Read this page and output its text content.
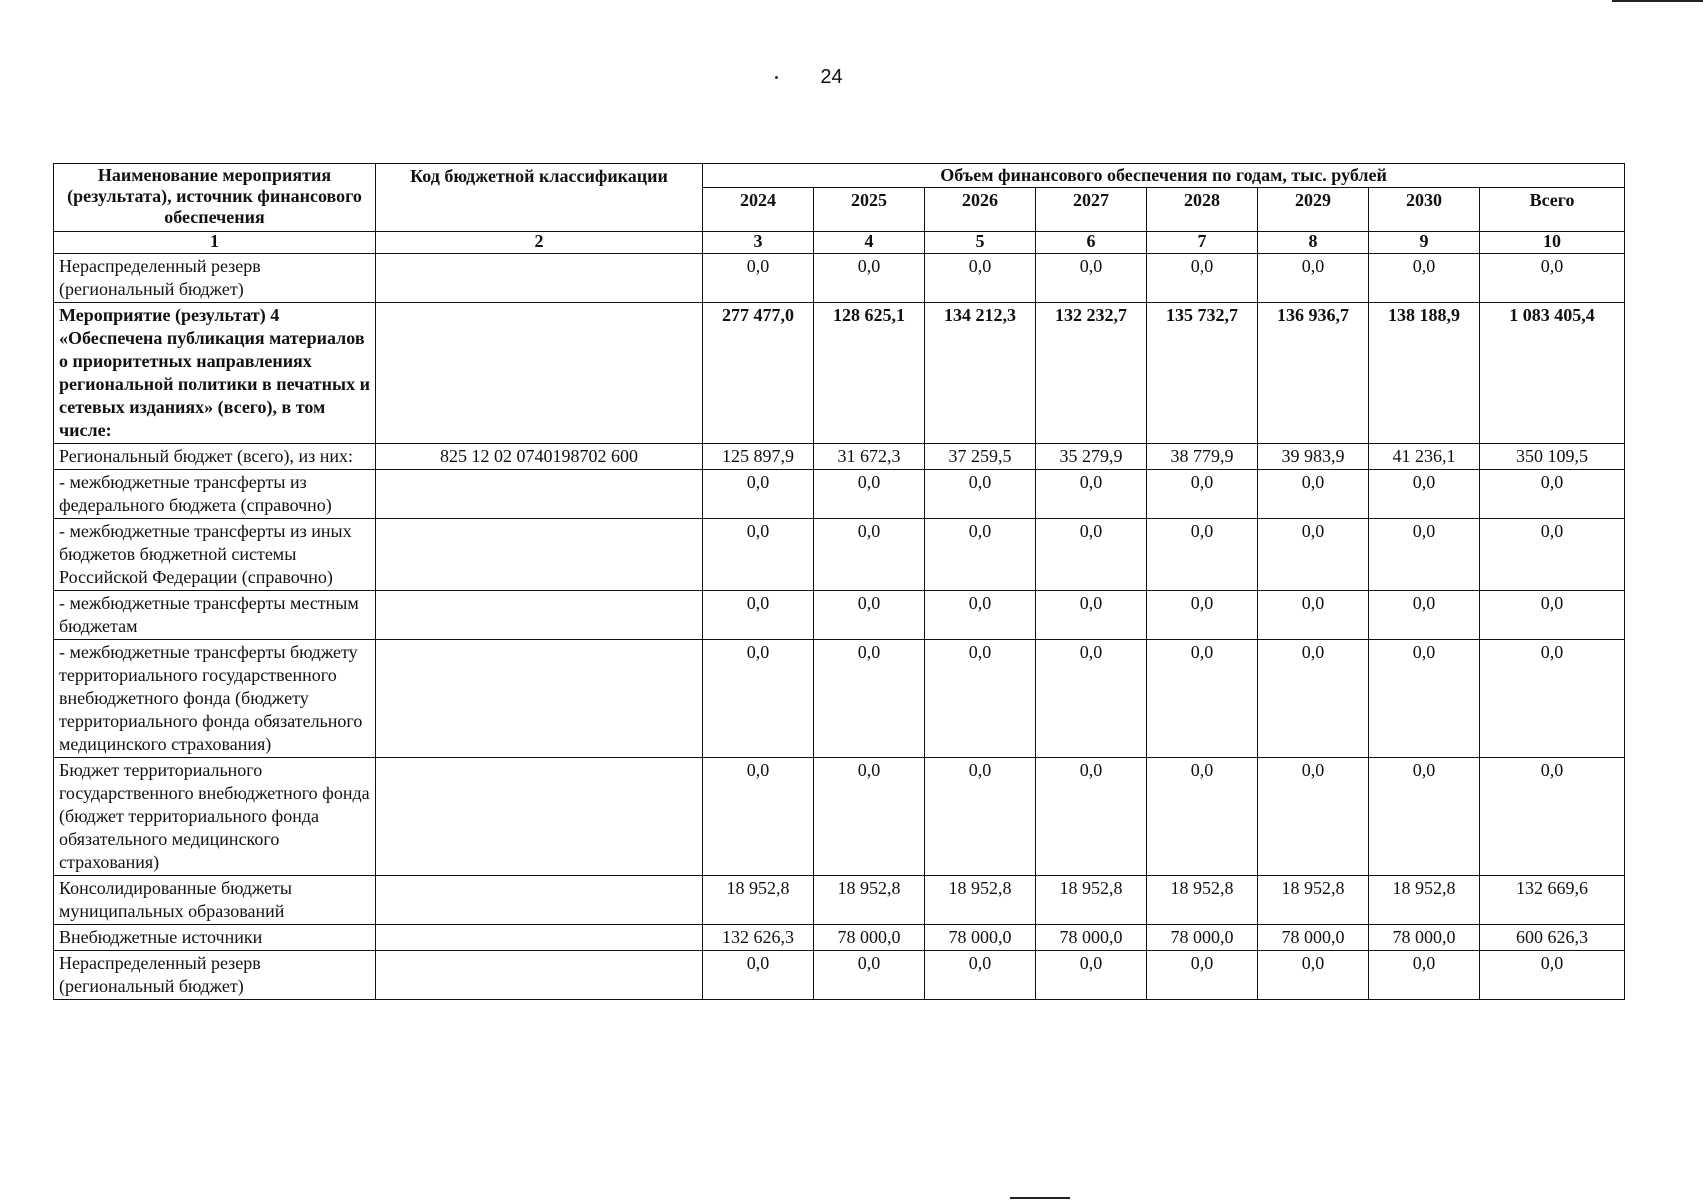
24
Наименование мероприятия (результата), источник финансового обеспечения	Код бюджетной классификации	Объем финансового обеспечения по годам, тыс. рублей							
		2024	2025	2026	2027	2028	2029	2030	Всего
1	2	3	4	5	6	7	8	9	10
Нераспределенный резерв (региональный бюджет)		0,0	0,0	0,0	0,0	0,0	0,0	0,0	0,0
Мероприятие (результат) 4 «Обеспечена публикация материалов о приоритетных направлениях региональной политики в печатных и сетевых изданиях» (всего), в том числе:		277 477,0	128 625,1	134 212,3	132 232,7	135 732,7	136 936,7	138 188,9	1 083 405,4
Региональный бюджет (всего), из них:	825 12 02 0740198702 600	125 897,9	31 672,3	37 259,5	35 279,9	38 779,9	39 983,9	41 236,1	350 109,5
- межбюджетные трансферты из федерального бюджета (справочно)		0,0	0,0	0,0	0,0	0,0	0,0	0,0	0,0
- межбюджетные трансферты из иных бюджетов бюджетной системы Российской Федерации (справочно)		0,0	0,0	0,0	0,0	0,0	0,0	0,0	0,0
- межбюджетные трансферты местным бюджетам		0,0	0,0	0,0	0,0	0,0	0,0	0,0	0,0
- межбюджетные трансферты бюджету территориального государственного внебюджетного фонда (бюджету территориального фонда обязательного медицинского страхования)		0,0	0,0	0,0	0,0	0,0	0,0	0,0	0,0
Бюджет территориального государственного внебюджетного фонда (бюджет территориального фонда обязательного медицинского страхования)		0,0	0,0	0,0	0,0	0,0	0,0	0,0	0,0
Консолидированные бюджеты муниципальных образований		18 952,8	18 952,8	18 952,8	18 952,8	18 952,8	18 952,8	18 952,8	132 669,6
Внебюджетные источники		132 626,3	78 000,0	78 000,0	78 000,0	78 000,0	78 000,0	78 000,0	600 626,3
Нераспределенный резерв (региональный бюджет)		0,0	0,0	0,0	0,0	0,0	0,0	0,0	0,0
